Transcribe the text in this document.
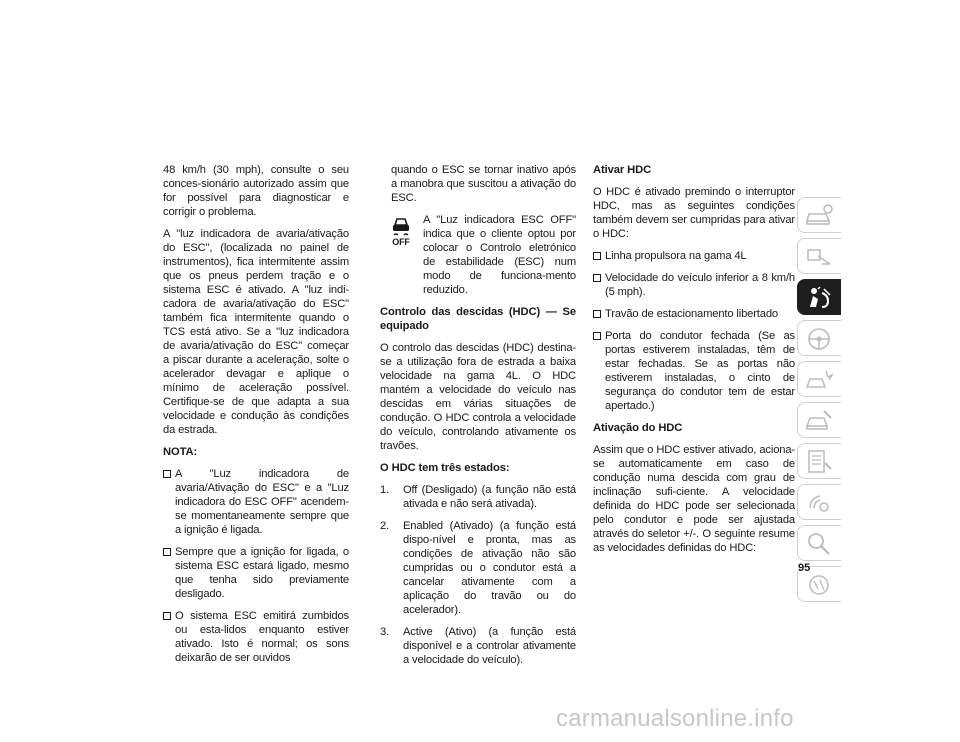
48 km/h (30 mph), consulte o seu conces-sionário autorizado assim que for possível para diagnosticar e corrigir o problema.

A "luz indicadora de avaria/ativação do ESC", (localizada no painel de instrumentos), fica intermitente assim que os pneus perdem tração e o sistema ESC é ativado. A "luz indi-cadora de avaria/ativação do ESC" também fica intermitente quando o TCS está ativo. Se a "luz indicadora de avaria/ativação do ESC" começar a piscar durante a aceleração, solte o acelerador devagar e aplique o mínimo de aceleração possível. Certifique-se de que adapta a sua velocidade e condução às condições da estrada.

NOTA:
A "Luz indicadora de avaria/Ativação do ESC" e a "Luz indicadora do ESC OFF" acendem-se momentaneamente sempre que a ignição é ligada.
Sempre que a ignição for ligada, o sistema ESC estará ligado, mesmo que tenha sido previamente desligado.
O sistema ESC emitirá zumbidos ou esta-lidos enquanto estiver ativado. Isto é normal; os sons deixarão de ser ouvidos
quando o ESC se tornar inativo após a manobra que suscitou a ativação do ESC.
OFF
A "Luz indicadora ESC OFF" indica que o cliente optou por colocar o Controlo eletrónico de estabilidade (ESC) num modo de funciona-mento reduzido.
Controlo das descidas (HDC) — Se equipado

O controlo das descidas (HDC) destina-se a utilização fora de estrada a baixa velocidade na gama 4L. O HDC mantém a velocidade do veículo nas descidas em várias situações de condução. O HDC controla a velocidade do veículo, controlando ativamente os travões.

O HDC tem três estados:
1. Off (Desligado) (a função não está ativada e não será ativada).
2. Enabled (Ativado) (a função está dispo-nível e pronta, mas as condições de ativação não são cumpridas ou o condutor está a cancelar ativamente com a aplicação do travão ou do acelerador).
3. Active (Ativo) (a função está disponível e a controlar ativamente a velocidade do veículo).
Ativar HDC

O HDC é ativado premindo o interruptor HDC, mas as seguintes condições também devem ser cumpridas para ativar o HDC:

Linha propulsora na gama 4L
Velocidade do veículo inferior a 8 km/h (5 mph).
Travão de estacionamento libertado
Porta do condutor fechada (Se as portas estiverem instaladas, têm de estar fechadas. Se as portas não estiverem instaladas, o cinto de segurança do condutor tem de estar apertado.)
Ativação do HDC

Assim que o HDC estiver ativado, aciona-se automaticamente em caso de condução numa descida com grau de inclinação sufi-ciente. A velocidade definida do HDC pode ser selecionada pelo condutor e pode ser ajustada através do seletor +/-. O seguinte resume as velocidades definidas do HDC:

95
carmanualsonline.info
